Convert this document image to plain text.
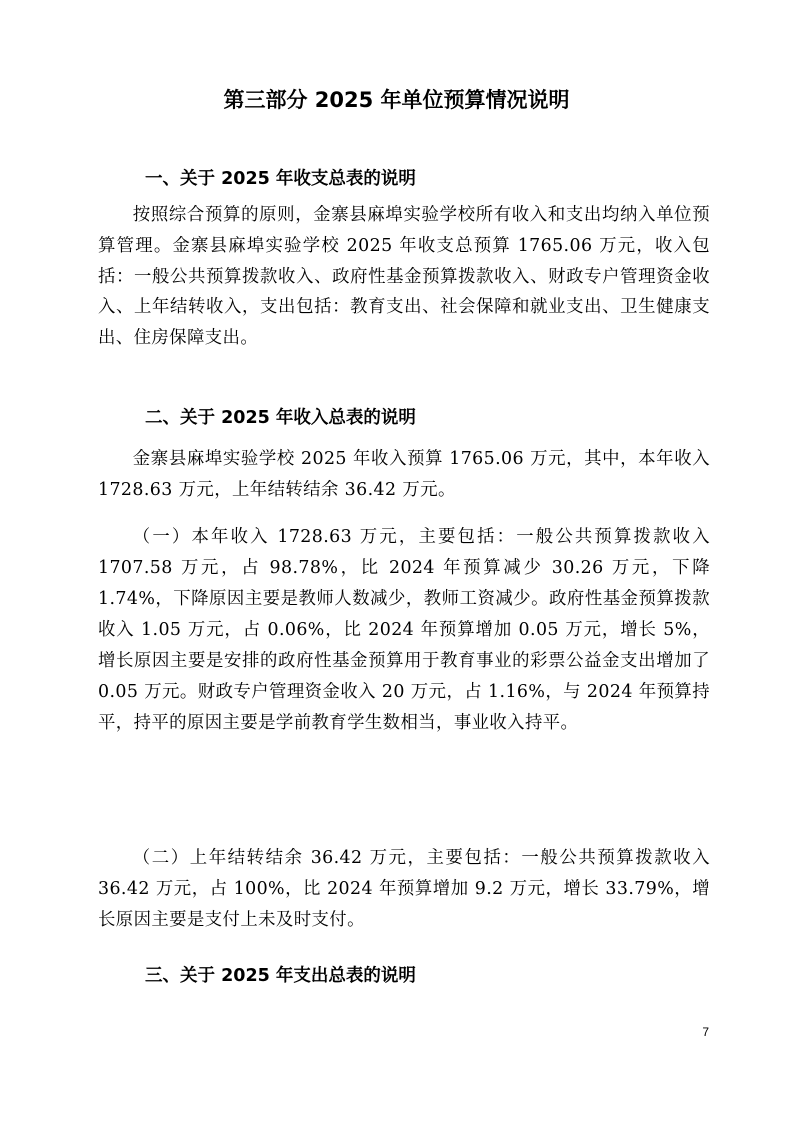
第三部分 2025 年单位预算情况说明
一、关于 2025 年收支总表的说明

按照综合预算的原则，金寨县麻埠实验学校所有收入和支出均纳入单位预算管理。金寨县麻埠实验学校 2025 年收支总预算 1765.06 万元，收入包括：一般公共预算拨款收入、政府性基金预算拨款收入、财政专户管理资金收入、上年结转收入，支出包括：教育支出、社会保障和就业支出、卫生健康支出、住房保障支出。

二、关于 2025 年收入总表的说明

金寨县麻埠实验学校 2025 年收入预算 1765.06 万元，其中，本年收入 1728.63 万元，上年结转结余 36.42 万元。

（一）本年收入 1728.63 万元，主要包括：一般公共预算拨款收入 1707.58 万元，占 98.78%，比 2024 年预算减少 30.26 万元，下降 1.74%，下降原因主要是教师人数减少，教师工资减少。政府性基金预算拨款收入 1.05 万元，占 0.06%，比 2024 年预算增加 0.05 万元，增长 5%，增长原因主要是安排的政府性基金预算用于教育事业的彩票公益金支出增加了 0.05 万元。财政专户管理资金收入 20 万元，占 1.16%，与 2024 年预算持平，持平的原因主要是学前教育学生数相当，事业收入持平。

（二）上年结转结余 36.42 万元，主要包括：一般公共预算拨款收入 36.42 万元，占 100%，比 2024 年预算增加 9.2 万元，增长 33.79%，增长原因主要是支付上未及时支付。

三、关于 2025 年支出总表的说明
7
